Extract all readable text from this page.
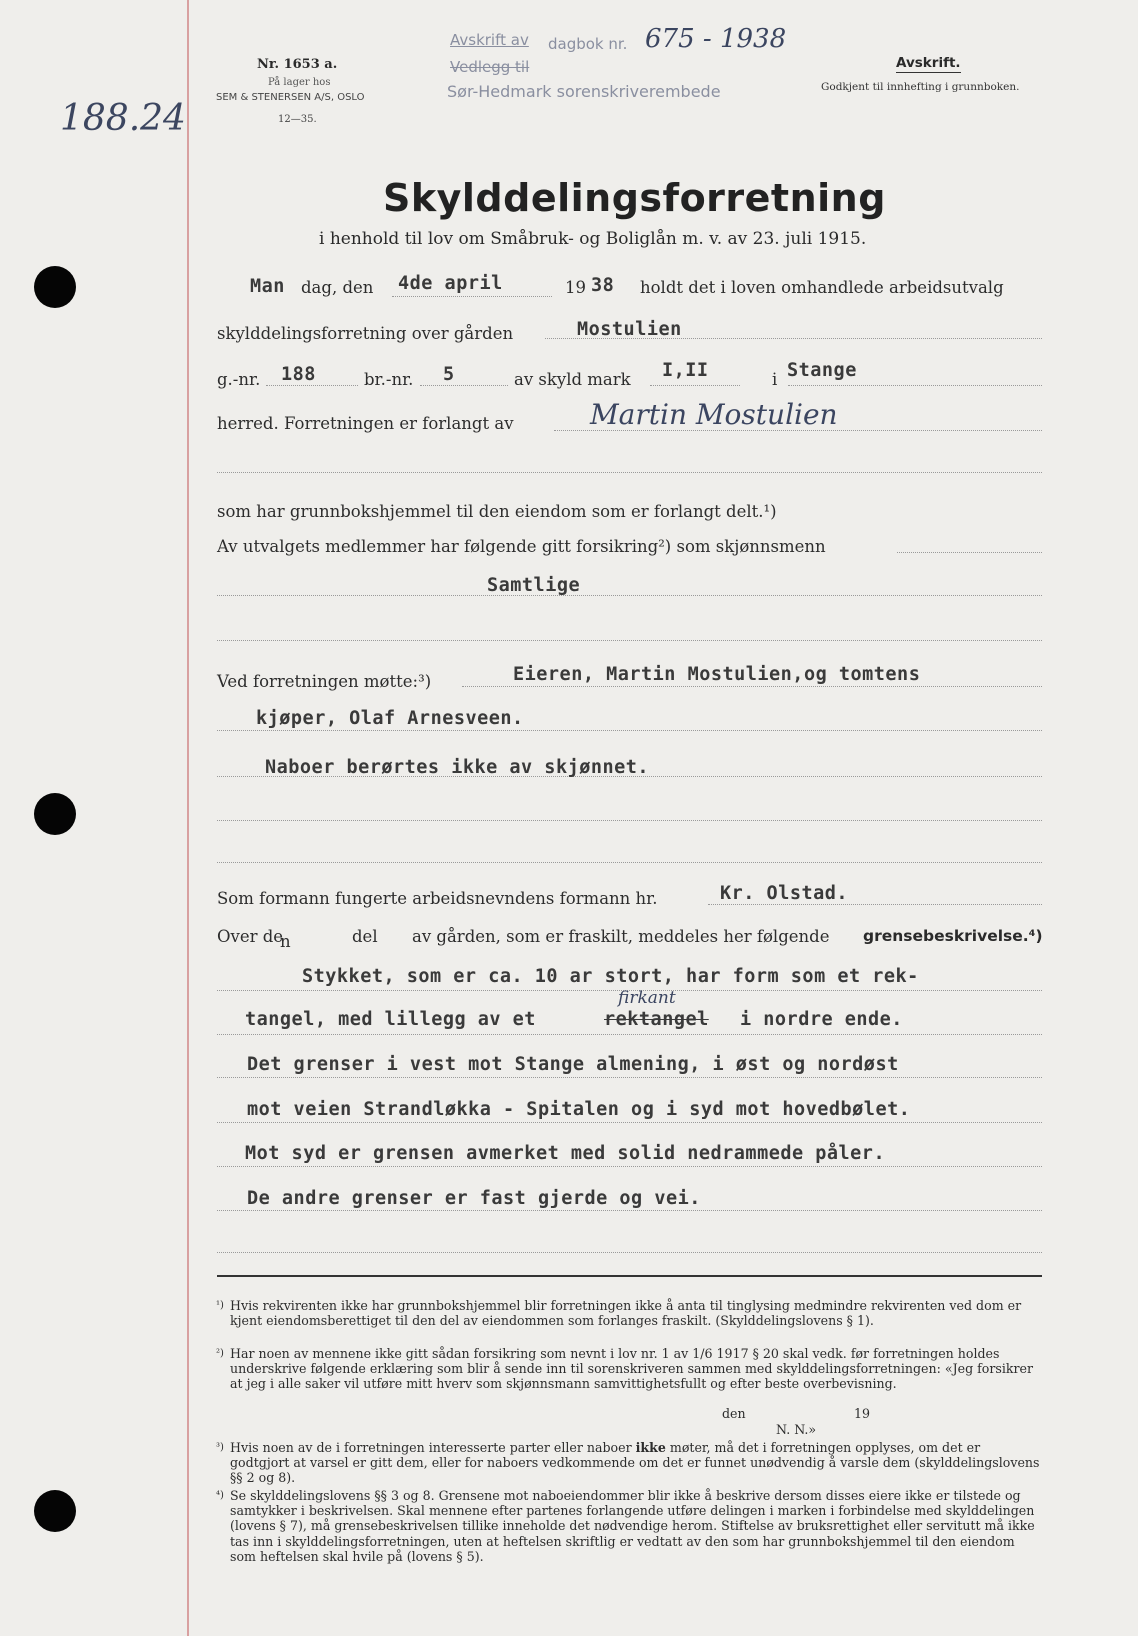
Nr. 1653 a.
På lager hos
SEM & STENERSEN A/S, OSLO
12—35.
188.24
Avskrift av dagbok nr. 675 - 1938
Vedlegg til
Sør-Hedmark sorenskriverembede
Avskrift.
Godkjent til innhefting i grunnboken.
Skylddelingsforretning
i henhold til lov om Småbruk- og Boliglån m. v. av 23. juli 1915.
Man dag, den 4de april	19 38 holdt det i loven omhandlede arbeidsutvalg
skylddelingsforretning over gården	Mostulien
g.-nr. 188	br.-nr. 5	av skyld mark I,II	i Stange
herred. Forretningen er forlangt av	Martin Mostulien
som har grunnbokshjemmel til den eiendom som er forlangt delt.¹)
Av utvalgets medlemmer har følgende gitt forsikring²) som skjønnsmenn
Samtlige
Ved forretningen møtte:³)	Eieren, Martin Mostulien,og tomtens
kjøper, Olaf Arnesveen.
Naboer berørtes ikke av skjønnet.
Som formann fungerte arbeidsnevndens formann hr.	Kr. Olstad.
Over de
n	del av gården, som er fraskilt, meddeles her følgende grensebeskrivelse.⁴)
Stykket, som er ca. 10 ar stort, har form som et rek-
tangel, med lillegg av et	rektangel
firkant
i nordre ende.
Det grenser i vest mot Stange almening, i øst og nordøst
mot veien Strandløkka - Spitalen og i syd mot hovedbølet.
Mot syd er grensen avmerket med solid nedrammede påler.
De andre grenser er fast gjerde og vei.
¹) Hvis rekvirenten ikke har grunnbokshjemmel blir forretningen ikke å anta til tinglysing medmindre rekvirenten ved dom er kjent eiendomsberettiget til den del av eiendommen som forlanges fraskilt. (Skylddelingslovens § 1).
²) Har noen av mennene ikke gitt sådan forsikring som nevnt i lov nr. 1 av 1/6 1917 § 20 skal vedk. før forretningen holdes underskrive følgende erklæring som blir å sende inn til sorenskriveren sammen med skylddelingsforretningen: «Jeg forsikrer at jeg i alle saker vil utføre mitt hverv som skjønnsmann samvittighetsfullt og efter beste overbevisning.
den	19
N. N.»
³) Hvis noen av de i forretningen interesserte parter eller naboer ikke møter, må det i forretningen opplyses, om det er godtgjort at varsel er gitt dem, eller for naboers vedkommende om det er funnet unødvendig å varsle dem (skylddelingslovens §§ 2 og 8).
⁴) Se skylddelingslovens §§ 3 og 8. Grensene mot naboeiendommer blir ikke å beskrive dersom disses eiere ikke er tilstede og samtykker i beskrivelsen. Skal mennene efter partenes forlangende utføre delingen i marken i forbindelse med skylddelingen (lovens § 7), må grensebeskrivelsen tillike inneholde det nødvendige herom. Stiftelse av bruksrettighet eller servitutt må ikke tas inn i skylddelingsforretningen, uten at heftelsen skriftlig er vedtatt av den som har grunnbokshjemmel til den eiendom som heftelsen skal hvile på (lovens § 5).
